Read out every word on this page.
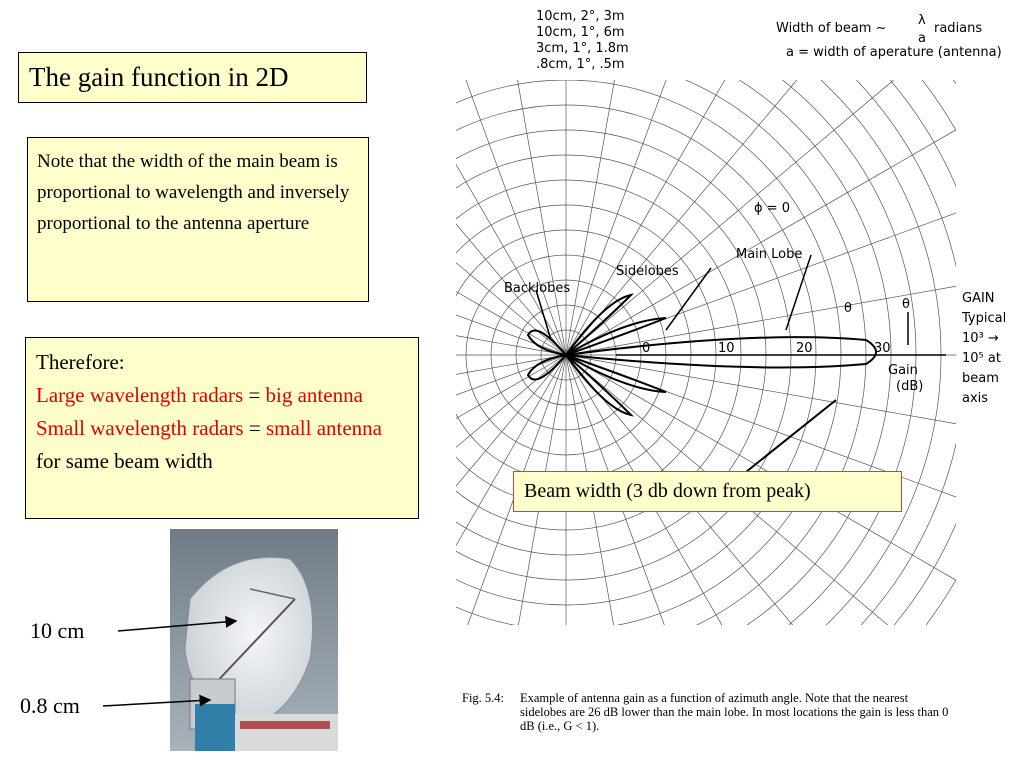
The gain function in 2D
Note that the width of the main beam is proportional to wavelength and inversely proportional to the antenna aperture
Therefore:
Large wavelength radars = big antenna
Small wavelength radars = small antenna for same beam width
10 cm
0.8 cm
10cm, 2°, 3m
10cm, 1°, 6m
3cm, 1°, 1.8m
.8cm, 1°, .5m
Width of beam ~
λ
a
radians
a = width of aperature (antenna)
ϕ = 0
Main Lobe
Sidelobes
Backlobes
θ	θ
Gain
(dB)
0	10	20	30
GAIN
Typical
10³ →
10⁵ at
beam
axis
Beam width (3 db down from peak)
Fig. 5.4: Example of antenna gain as a function of azimuth angle. Note that the nearest sidelobes are 26 dB lower than the main lobe. In most locations the gain is less than 0 dB (i.e., G < 1).
